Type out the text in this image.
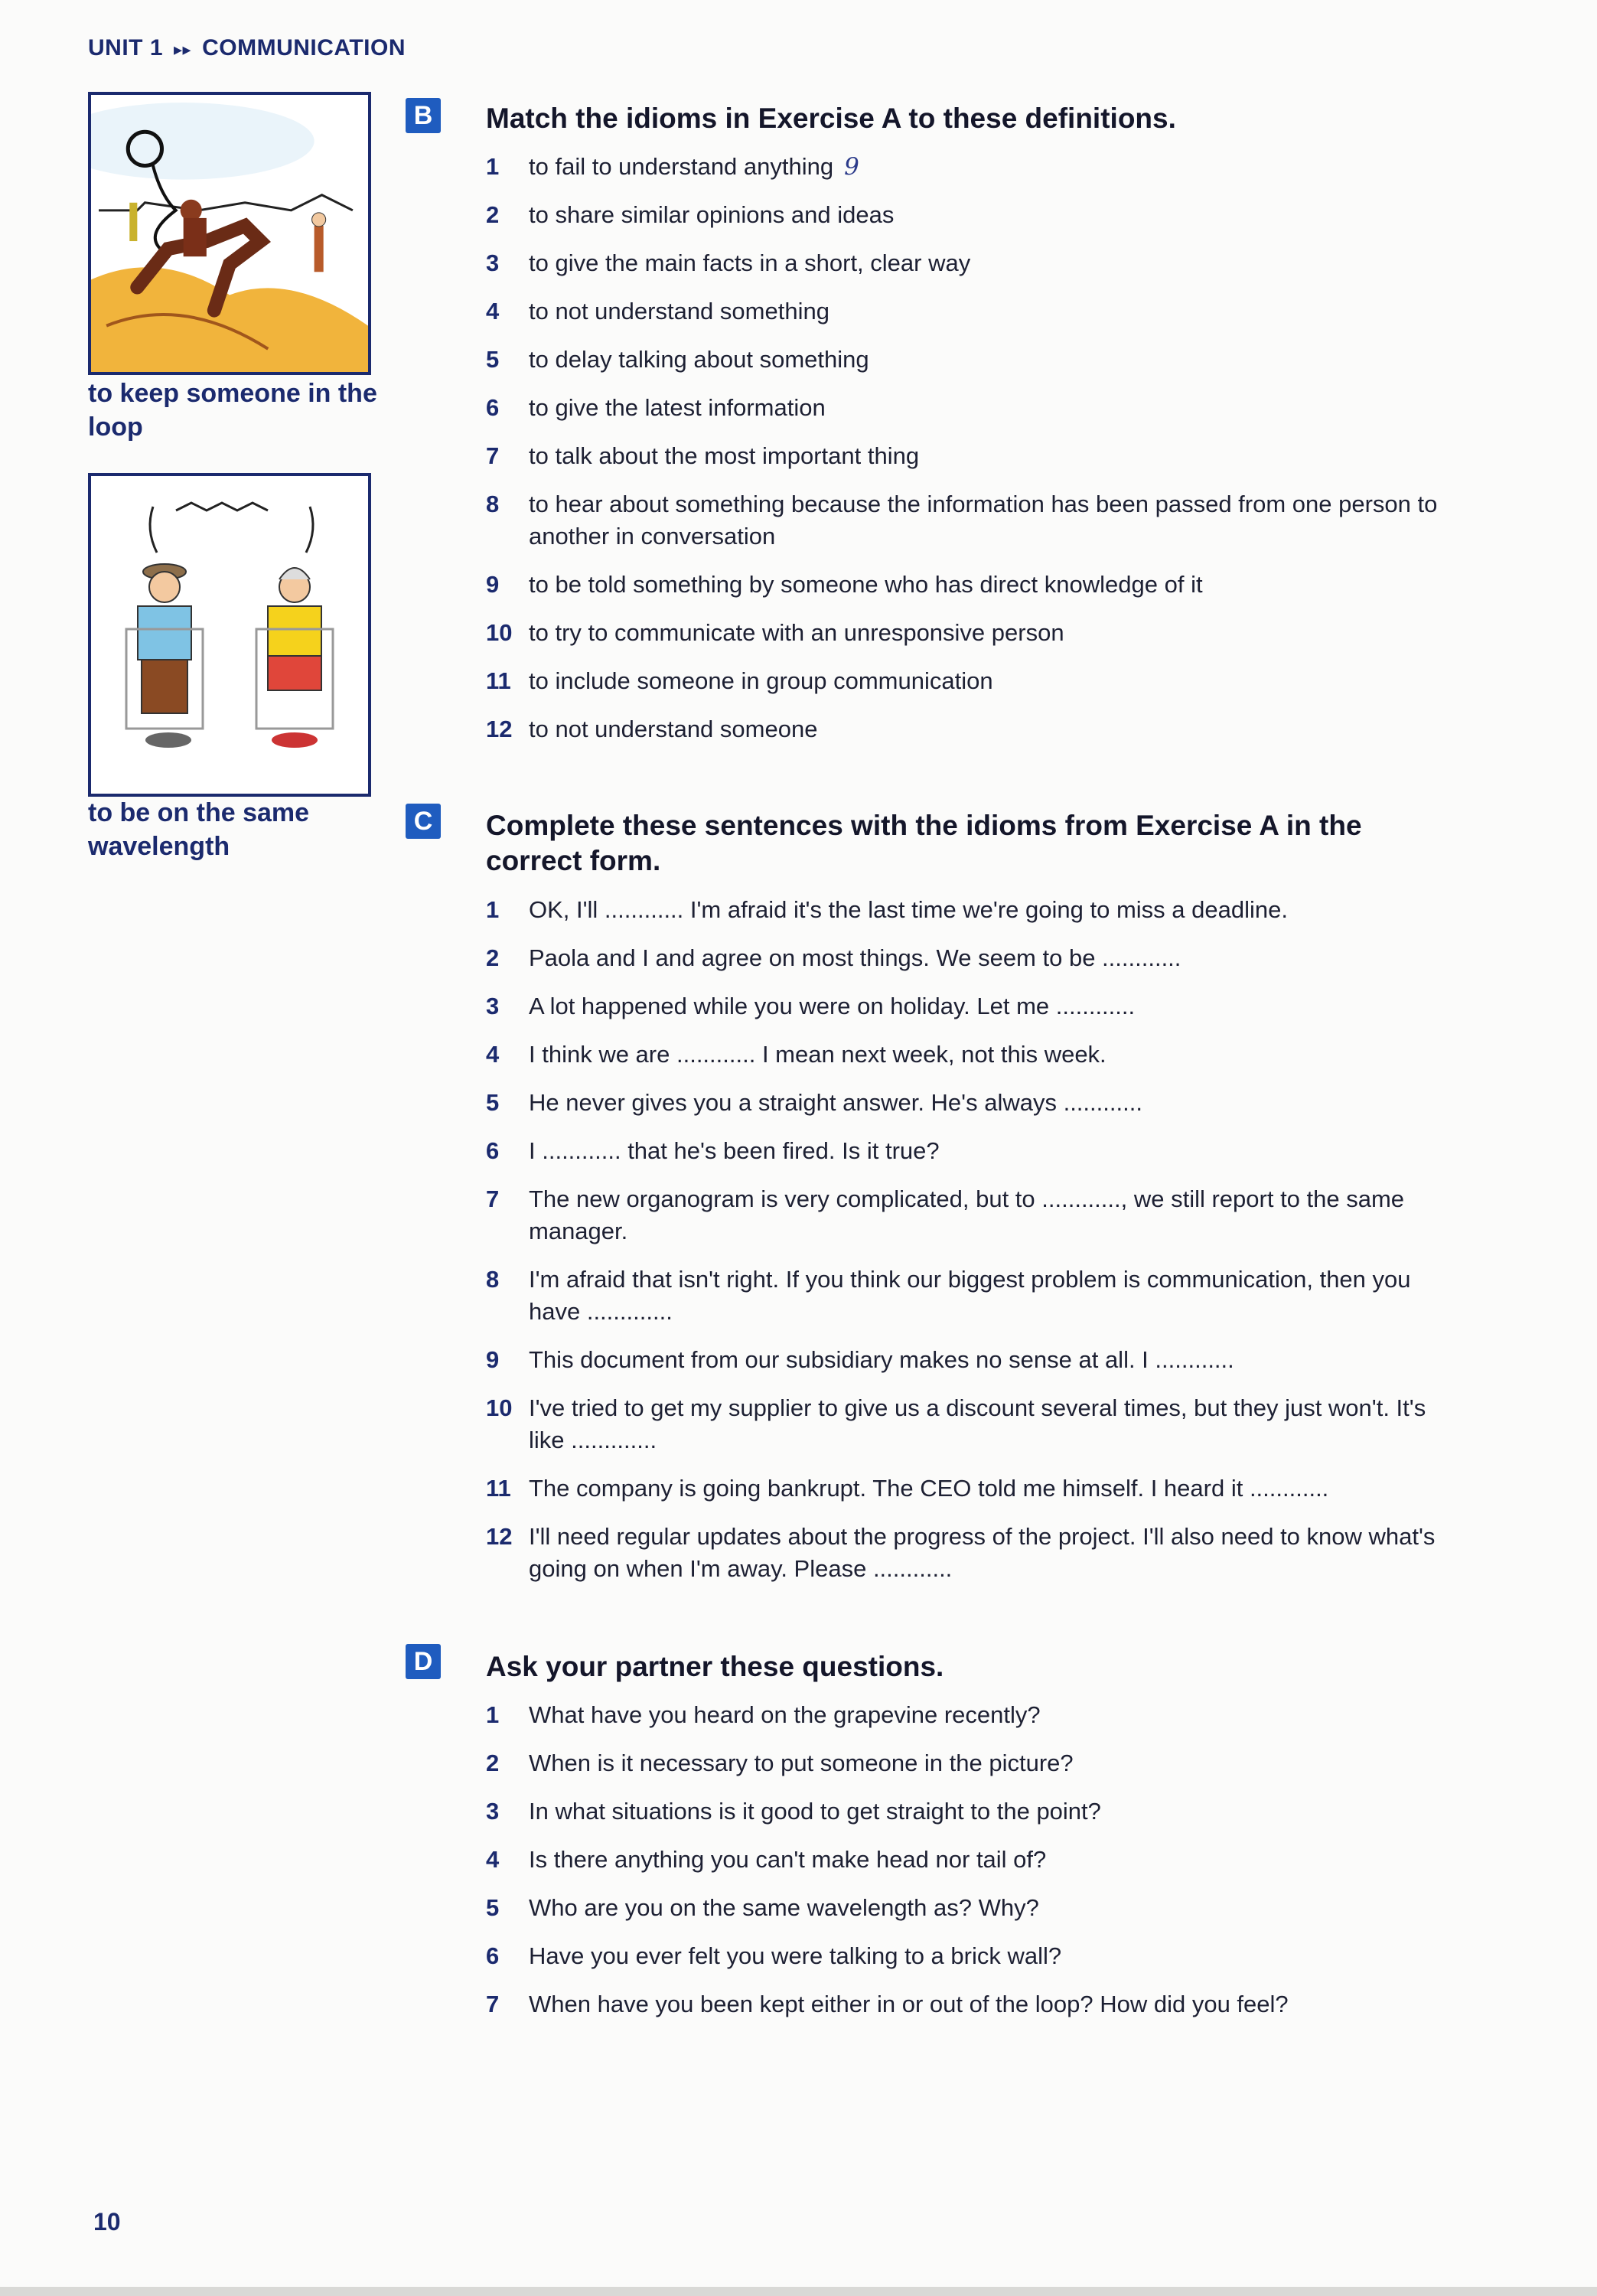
UNIT 1 ▸▸ COMMUNICATION
to keep someone in the loop
to be on the same wavelength
B Match the idioms in Exercise A to these definitions.
1	to fail to understand anything 9
2	to share similar opinions and ideas
3	to give the main facts in a short, clear way
4	to not understand something
5	to delay talking about something
6	to give the latest information
7	to talk about the most important thing
8	to hear about something because the information has been passed from one person to another in conversation
9	to be told something by someone who has direct knowledge of it
10 to try to communicate with an unresponsive person
11 to include someone in group communication
12 to not understand someone
C Complete these sentences with the idioms from Exercise A in the correct form.
1	OK, I'll ............ I'm afraid it's the last time we're going to miss a deadline.
2	Paola and I and agree on most things. We seem to be ............
3	A lot happened while you were on holiday. Let me ............
4	I think we are ............ I mean next week, not this week.
5	He never gives you a straight answer. He's always ............
6	I ............ that he's been fired. Is it true?
7	The new organogram is very complicated, but to ............, we still report to the same manager.
8	I'm afraid that isn't right. If you think our biggest problem is communication, then you have .............
9	This document from our subsidiary makes no sense at all. I ............
10 I've tried to get my supplier to give us a discount several times, but they just won't. It's like .............
11 The company is going bankrupt. The CEO told me himself. I heard it ............
12 I'll need regular updates about the progress of the project. I'll also need to know what's going on when I'm away. Please ............
D Ask your partner these questions.
1	What have you heard on the grapevine recently?
2	When is it necessary to put someone in the picture?
3	In what situations is it good to get straight to the point?
4	Is there anything you can't make head nor tail of?
5	Who are you on the same wavelength as? Why?
6	Have you ever felt you were talking to a brick wall?
7	When have you been kept either in or out of the loop? How did you feel?
10
